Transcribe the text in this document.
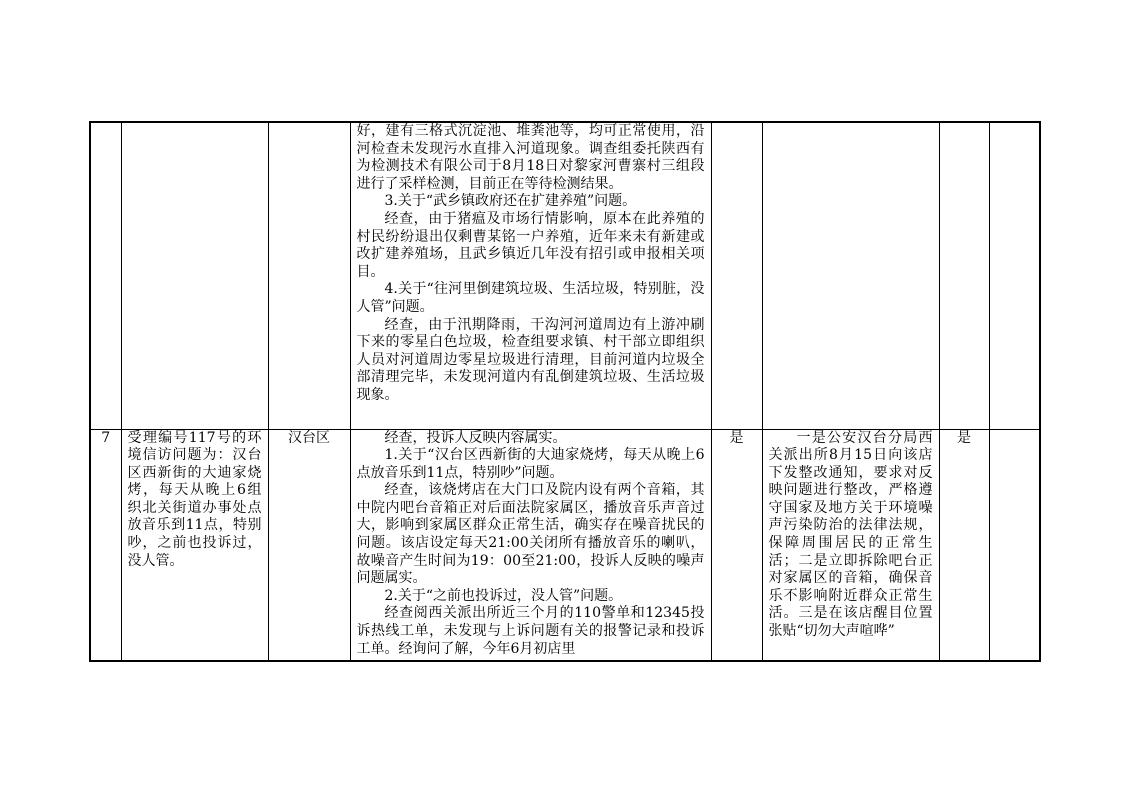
			好，建有三格式沉淀池、堆粪池等，均可正常使用，沿河检查未发现污水直排入河道现象。调查组委托陕西有为检测技术有限公司于8月18日对黎家河曹寨村三组段进行了采样检测，目前正在等待检测结果。

3.关于“武乡镇政府还在扩建养殖”问题。

经查，由于猪瘟及市场行情影响，原本在此养殖的村民纷纷退出仅剩曹某铭一户养殖，近年来未有新建或改扩建养殖场，且武乡镇近几年没有招引或申报相关项目。

4.关于“往河里倒建筑垃圾、生活垃圾，特别脏，没人管”问题。

经查，由于汛期降雨，干沟河河道周边有上游冲刷下来的零星白色垃圾，检查组要求镇、村干部立即组织人员对河道周边零星垃圾进行清理，目前河道内垃圾全部清理完毕，未发现河道内有乱倒建筑垃圾、生活垃圾现象。				

7	受理编号117号的环境信访问题为：汉台区西新街的大迪家烧烤，每天从晚上6组织北关街道办事处点放音乐到11点，特别吵，之前也投诉过，没人管。	汉台区	经查，投诉人反映内容属实。

1.关于“汉台区西新街的大迪家烧烤，每天从晚上6点放音乐到11点，特别吵”问题。

经查，该烧烤店在大门口及院内设有两个音箱，其中院内吧台音箱正对后面法院家属区，播放音乐声音过大，影响到家属区群众正常生活，确实存在噪音扰民的问题。该店设定每天21:00关闭所有播放音乐的喇叭，故噪音产生时间为19：00至21:00，投诉人反映的噪声问题属实。

2.关于“之前也投诉过，没人管”问题。

经查阅西关派出所近三个月的110警单和12345投诉热线工单，未发现与上诉问题有关的报警记录和投诉工单。经询问了解，今年6月初店里	是	一是公安汉台分局西关派出所8月15日向该店下发整改通知，要求对反映问题进行整改，严格遵守国家及地方关于环境噪声污染防治的法律法规，保障周围居民的正常生活；二是立即拆除吧台正对家属区的音箱，确保音乐不影响附近群众正常生活。三是在该店醒目位置张贴“切勿大声喧哗”	是	
